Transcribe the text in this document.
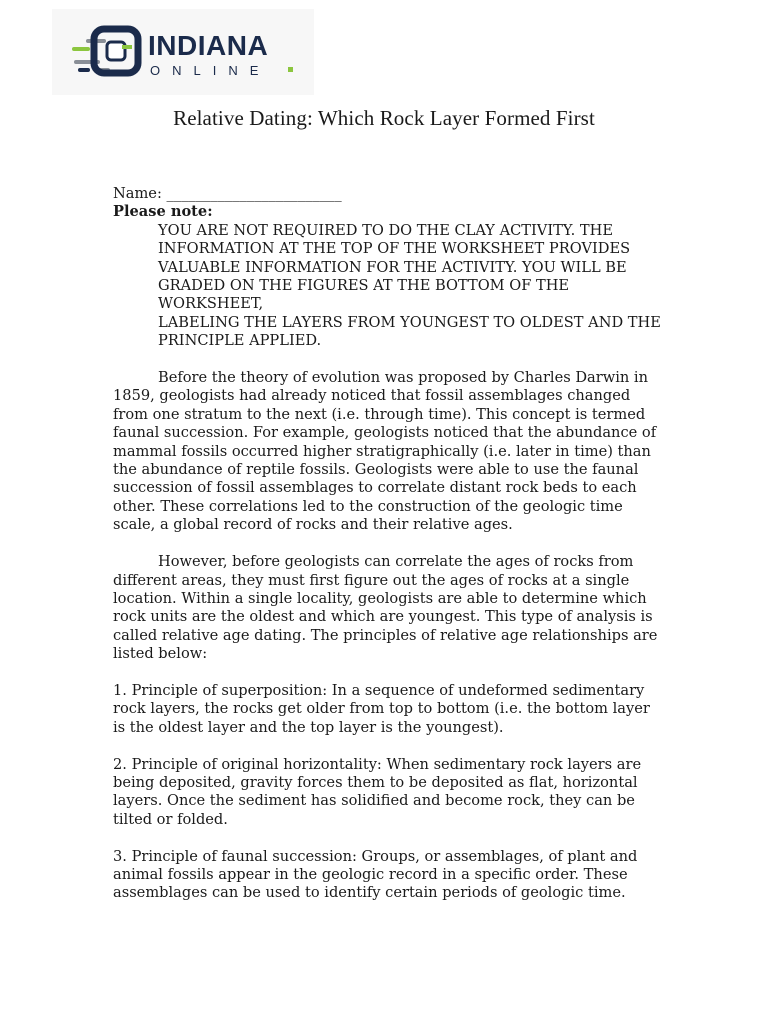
INDIANA
ONLINE
Relative Dating: Which Rock Layer Formed First

Name: ________________________

Please note:

YOU ARE NOT REQUIRED TO DO THE CLAY ACTIVITY. THE

INFORMATION AT THE TOP OF THE WORKSHEET PROVIDES

VALUABLE INFORMATION FOR THE ACTIVITY. YOU WILL BE

GRADED ON THE FIGURES AT THE BOTTOM OF THE WORKSHEET,

LABELING THE LAYERS FROM YOUNGEST TO OLDEST AND THE

PRINCIPLE APPLIED.

Before the theory of evolution was proposed by Charles Darwin in 1859, geologists had already noticed that fossil assemblages changed from one stratum to the next (i.e. through time). This concept is termed faunal succession. For example, geologists noticed that the abundance of mammal fossils occurred higher stratigraphically (i.e. later in time) than the abundance of reptile fossils. Geologists were able to use the faunal succession of fossil assemblages to correlate distant rock beds to each other. These correlations led to the construction of the geologic time scale, a global record of rocks and their relative ages.

However, before geologists can correlate the ages of rocks from different areas, they must first figure out the ages of rocks at a single location. Within a single locality, geologists are able to determine which rock units are the oldest and which are youngest. This type of analysis is called relative age dating. The principles of relative age relationships are listed below:

1. Principle of superposition: In a sequence of undeformed sedimentary rock layers, the rocks get older from top to bottom (i.e. the bottom layer is the oldest layer and the top layer is the youngest).

2. Principle of original horizontality: When sedimentary rock layers are being deposited, gravity forces them to be deposited as flat, horizontal layers. Once the sediment has solidified and become rock, they can be tilted or folded.

3. Principle of faunal succession: Groups, or assemblages, of plant and animal fossils appear in the geologic record in a specific order. These assemblages can be used to identify certain periods of geologic time.
